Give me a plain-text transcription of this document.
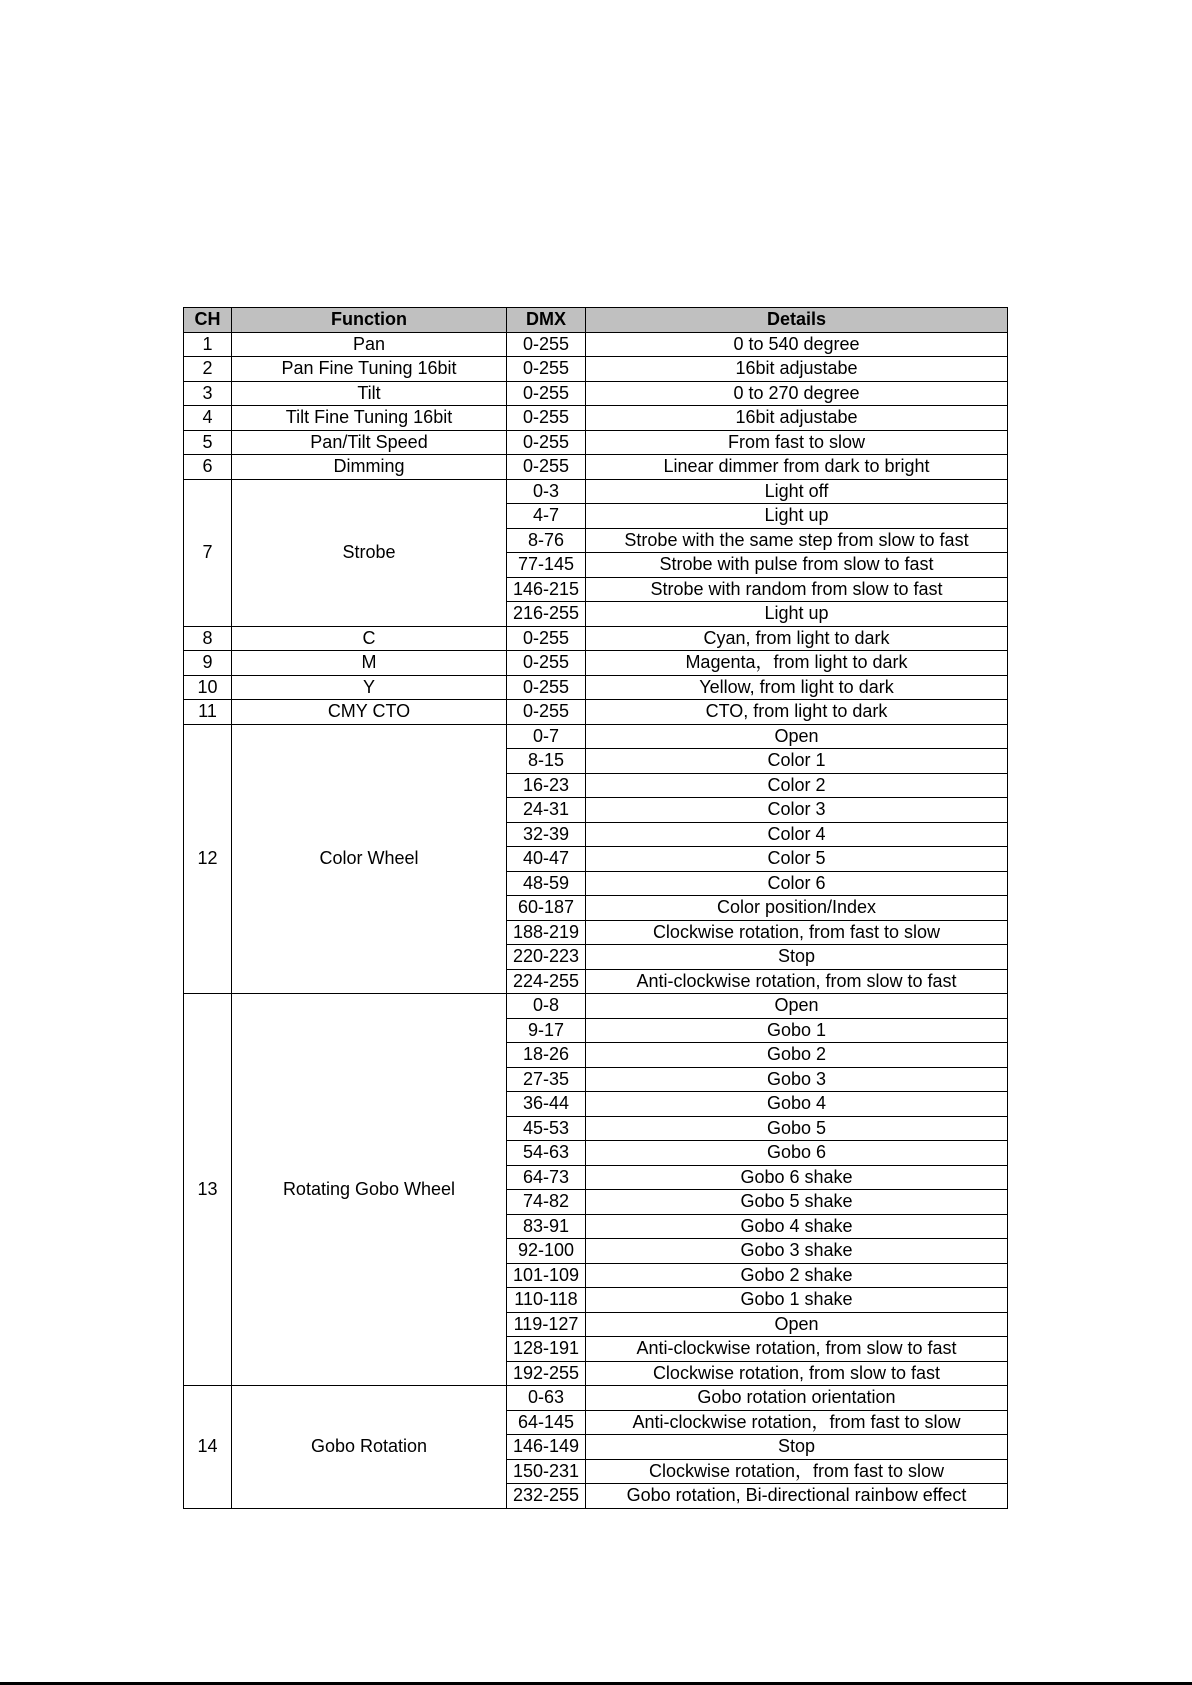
CH	Function	DMX	Details
1	Pan	0-255	0 to 540 degree
2	Pan Fine Tuning 16bit	0-255	16bit adjustabe
3	Tilt	0-255	0 to 270 degree
4	Tilt Fine Tuning 16bit	0-255	16bit adjustabe
5	Pan/Tilt Speed	0-255	From fast to slow
6	Dimming	0-255	Linear dimmer from dark to bright
7	Strobe	0-3	Light off
		4-7	Light up
		8-76	Strobe with the same step from slow to fast
		77-145	Strobe with pulse from slow to fast
		146-215	Strobe with random from slow to fast
		216-255	Light up
8	C	0-255	Cyan, from light to dark
9	M	0-255	Magenta，from light to dark
10	Y	0-255	Yellow, from light to dark
11	CMY CTO	0-255	CTO, from light to dark
12	Color Wheel	0-7	Open
		8-15	Color 1
		16-23	Color 2
		24-31	Color 3
		32-39	Color 4
		40-47	Color 5
		48-59	Color 6
		60-187	Color position/Index
		188-219	Clockwise rotation, from fast to slow
		220-223	Stop
		224-255	Anti-clockwise rotation, from slow to fast
13	Rotating Gobo Wheel	0-8	Open
		9-17	Gobo 1
		18-26	Gobo 2
		27-35	Gobo 3
		36-44	Gobo 4
		45-53	Gobo 5
		54-63	Gobo 6
		64-73	Gobo 6 shake
		74-82	Gobo 5 shake
		83-91	Gobo 4 shake
		92-100	Gobo 3 shake
		101-109	Gobo 2 shake
		110-118	Gobo 1 shake
		119-127	Open
		128-191	Anti-clockwise rotation, from slow to fast
		192-255	Clockwise rotation, from slow to fast
14	Gobo Rotation	0-63	Gobo rotation orientation
		64-145	Anti-clockwise rotation，from fast to slow
		146-149	Stop
		150-231	Clockwise rotation，from fast to slow
		232-255	Gobo rotation, Bi-directional rainbow effect
